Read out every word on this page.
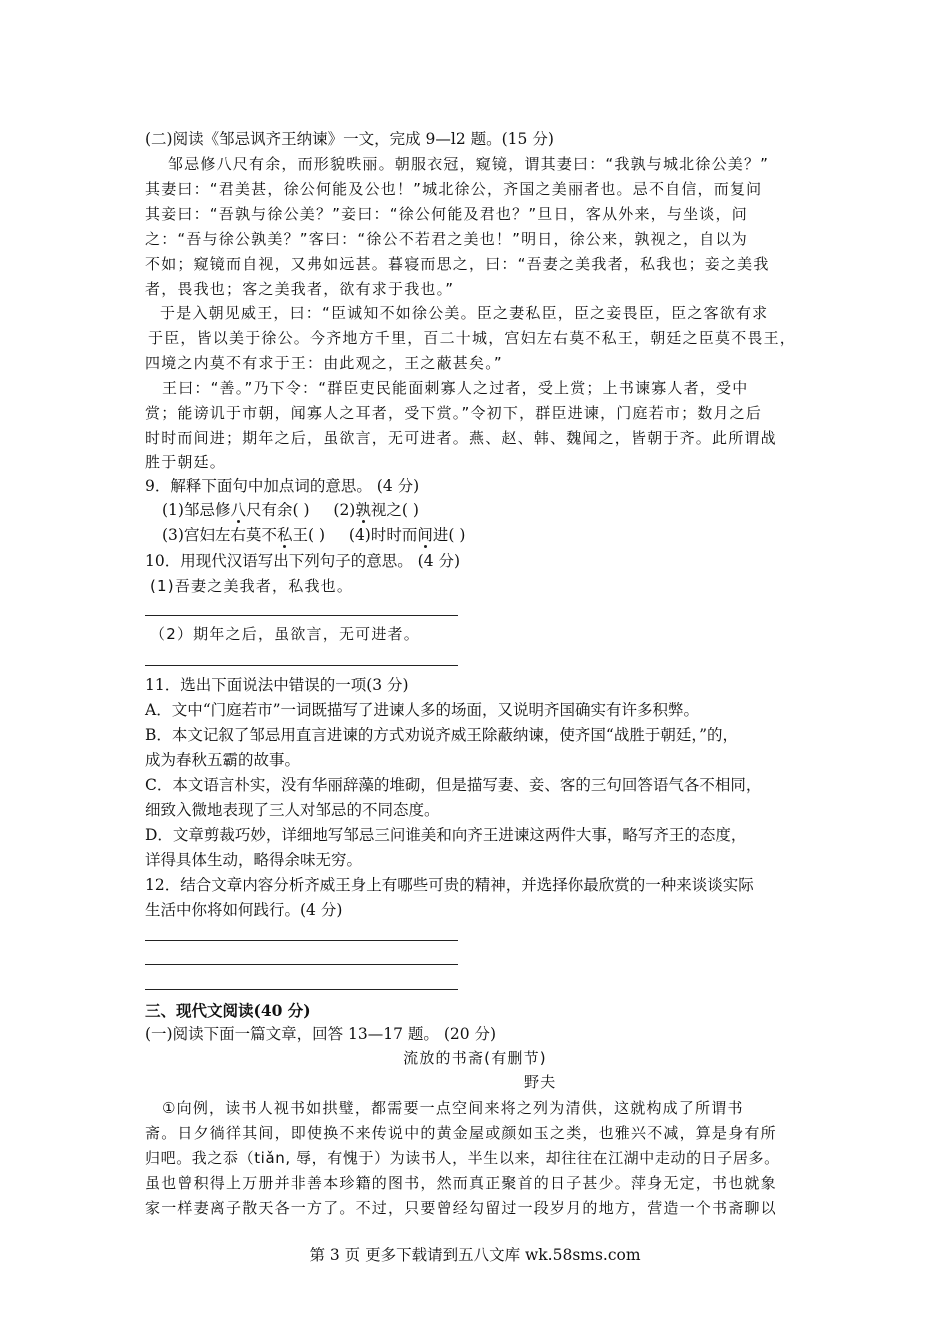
(二)阅读《邹忌讽齐王纳谏》一文，完成 9—l2 题。(15 分)
邹忌修八尺有余，而形貌昳丽。朝服衣冠，窥镜，谓其妻曰：“我孰与城北徐公美？”
其妻曰：“君美甚，徐公何能及公也！”城北徐公，齐国之美丽者也。忌不自信，而复问
其妾曰：“吾孰与徐公美？”妾曰：“徐公何能及君也？”旦日，客从外来，与坐谈，问
之：“吾与徐公孰美？”客曰：“徐公不若君之美也！”明日，徐公来，孰视之，自以为
不如；窥镜而自视，又弗如远甚。暮寝而思之，曰：“吾妻之美我者，私我也；妾之美我
者，畏我也；客之美我者，欲有求于我也。”
于是入朝见威王，曰：“臣诚知不如徐公美。臣之妻私臣，臣之妾畏臣，臣之客欲有求
于臣，皆以美于徐公。今齐地方千里，百二十城，宫妇左右莫不私王，朝廷之臣莫不畏王，
四境之内莫不有求于王：由此观之，王之蔽甚矣。”
王曰：“善。”乃下令：“群臣吏民能面刺寡人之过者，受上赏；上书谏寡人者，受中
赏；能谤讥于市朝，闻寡人之耳者，受下赏。”令初下，群臣进谏，门庭若市；数月之后
时时而间进；期年之后，虽欲言，无可进者。燕、赵、韩、魏闻之，皆朝于齐。此所谓战
胜于朝廷。
9．解释下面句中加点词的意思。 (4 分)
(1)邹忌修八尺有余( ) (2)孰视之( )
(3)宫妇左右莫不私王( ) (4)时时而间进( )
10．用现代汉语写出下列句子的意思。 (4 分)
(1)吾妻之美我者，私我也。
（2）期年之后，虽欲言，无可进者。
11．选出下面说法中错误的一项(3 分)
A．文中“门庭若市”一词既描写了进谏人多的场面，又说明齐国确实有许多积弊。
B．本文记叙了邹忌用直言进谏的方式劝说齐威王除蔽纳谏，使齐国“战胜于朝廷，”的，
成为春秋五霸的故事。
C．本文语言朴实，没有华丽辞藻的堆砌，但是描写妻、妾、客的三句回答语气各不相同，
细致入微地表现了三人对邹忌的不同态度。
D．文章剪裁巧妙，详细地写邹忌三问谁美和向齐王进谏这两件大事，略写齐王的态度，
详得具体生动，略得余味无穷。
12．结合文章内容分析齐威王身上有哪些可贵的精神，并选择你最欣赏的一种来谈谈实际
生活中你将如何践行。(4 分)
三、现代文阅读(40 分)
(一)阅读下面一篇文章，回答 13—17 题。 (20 分)
流放的书斋(有删节)
野夫
①向例，读书人视书如拱璧，都需要一点空间来将之列为清供，这就构成了所谓书
斋。日夕徜徉其间，即使换不来传说中的黄金屋或颜如玉之类，也雅兴不减，算是身有所
归吧。我之忝（tiǎn, 辱，有愧于）为读书人，半生以来，却往往在江湖中走动的日子居多。
虽也曾积得上万册并非善本珍籍的图书，然而真正聚首的日子甚少。萍身无定，书也就象
家一样妻离子散天各一方了。不过，只要曾经勾留过一段岁月的地方，营造一个书斋聊以
第 3 页 更多下载请到五八文库 wk.58sms.com
